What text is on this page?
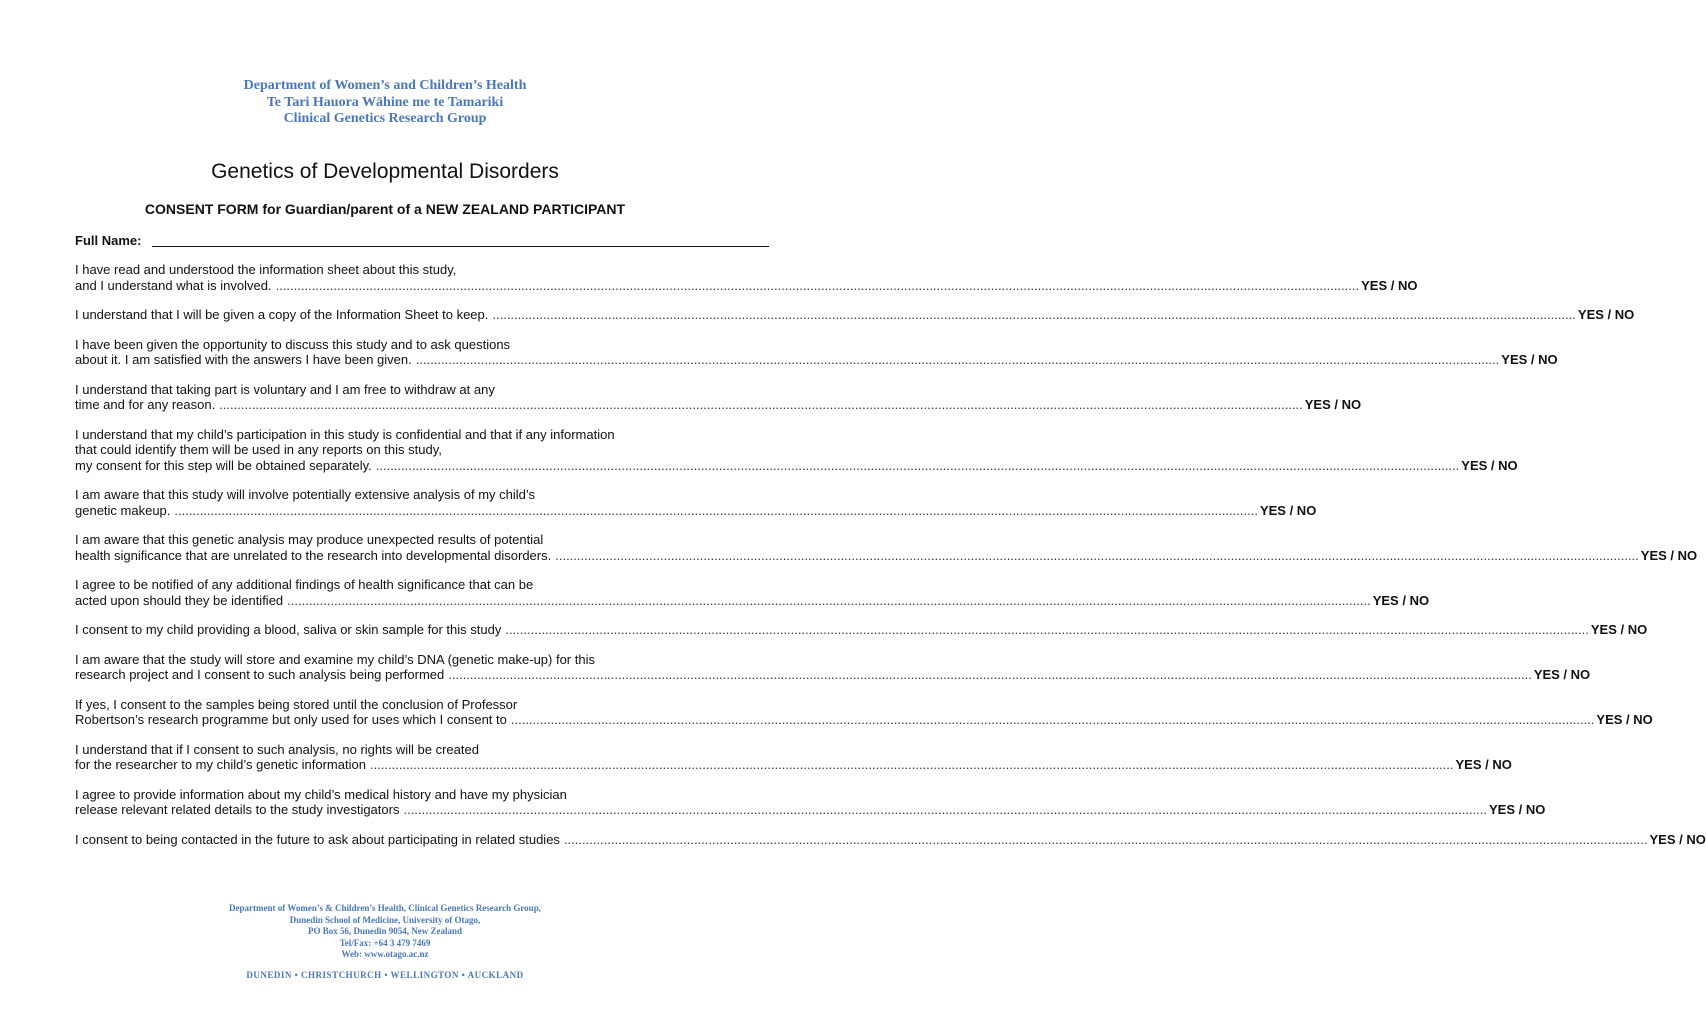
Department of Women’s and Children’s Health
Te Tari Hauora Wāhine me te Tamariki
Clinical Genetics Research Group
Genetics of Developmental Disorders
CONSENT FORM for Guardian/parent of a NEW ZEALAND PARTICIPANT
Full Name:
I have read and understood the information sheet about this study,
and I understand what is involved. ............................................................................................................................................................................................................................................................................................................ YES / NO
I understand that I will be given a copy of the Information Sheet to keep. ............................................................................................................................................................................................................................................................................................................ YES / NO
I have been given the opportunity to discuss this study and to ask questions
about it. I am satisfied with the answers I have been given. ............................................................................................................................................................................................................................................................................................................ YES / NO
I understand that taking part is voluntary and I am free to withdraw at any
time and for any reason. ............................................................................................................................................................................................................................................................................................................ YES / NO
I understand that my child’s participation in this study is confidential and that if any information that could identify them will be used in any reports on this study,
my consent for this step will be obtained separately. ............................................................................................................................................................................................................................................................................................................ YES / NO
I am aware that this study will involve potentially extensive analysis of my child’s
genetic makeup. ............................................................................................................................................................................................................................................................................................................ YES / NO
I am aware that this genetic analysis may produce unexpected results of potential
health significance that are unrelated to the research into developmental disorders. ............................................................................................................................................................................................................................................................................................................ YES / NO
I agree to be notified of any additional findings of health significance that can be
acted upon should they be identified ............................................................................................................................................................................................................................................................................................................ YES / NO
I consent to my child providing a blood, saliva or skin sample for this study ............................................................................................................................................................................................................................................................................................................ YES / NO
I am aware that the study will store and examine my child’s DNA (genetic make-up) for this
research project and I consent to such analysis being performed ............................................................................................................................................................................................................................................................................................................ YES / NO
If yes, I consent to the samples being stored until the conclusion of Professor
Robertson’s research programme but only used for uses which I consent to ............................................................................................................................................................................................................................................................................................................ YES / NO
I understand that if I consent to such analysis, no rights will be created
for the researcher to my child’s genetic information ............................................................................................................................................................................................................................................................................................................ YES / NO
I agree to provide information about my child’s medical history and have my physician
release relevant related details to the study investigators ............................................................................................................................................................................................................................................................................................................ YES / NO
I consent to being contacted in the future to ask about participating in related studies ............................................................................................................................................................................................................................................................................................................ YES / NO
Department of Women’s & Children’s Health, Clinical Genetics Research Group,
Dunedin School of Medicine, University of Otago,
PO Box 56, Dunedin 9054, New Zealand
Tel/Fax: +64 3 479 7469
Web: www.otago.ac.nz
DUNEDIN • CHRISTCHURCH • WELLINGTON • AUCKLAND
